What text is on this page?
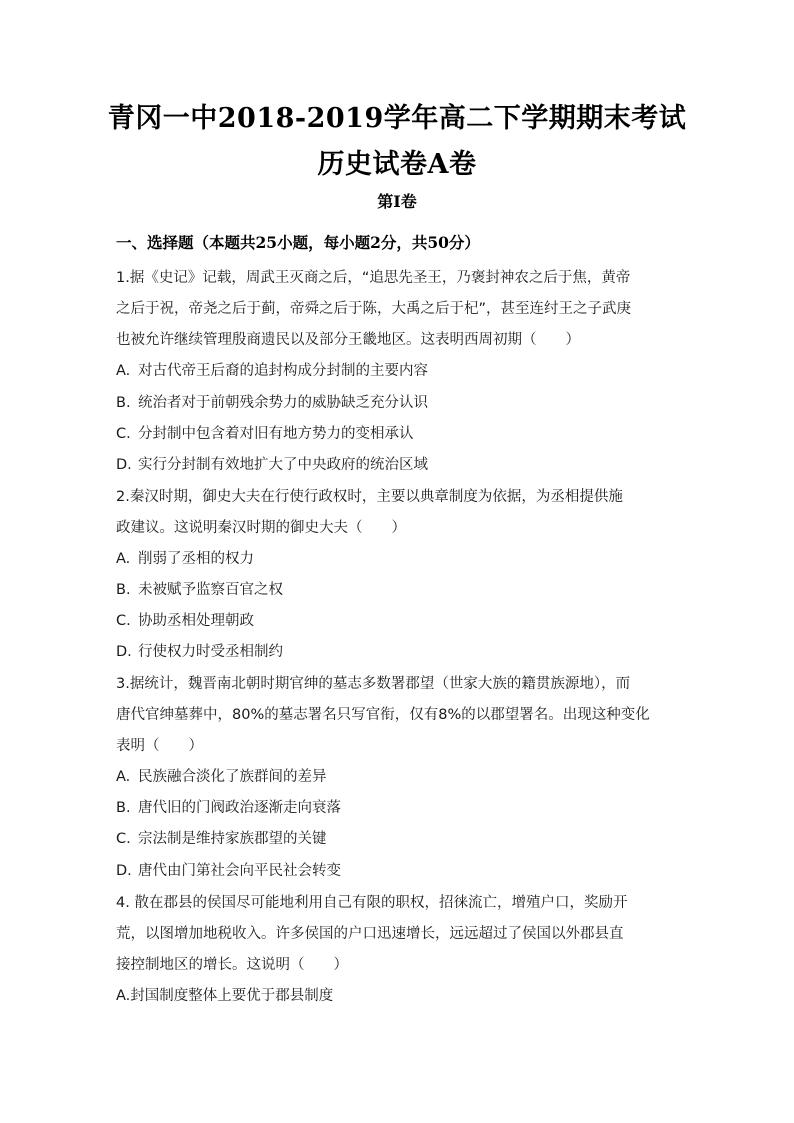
青冈一中2018-2019学年高二下学期期末考试
历史试卷A卷
第Ⅰ卷
一、选择题（本题共25小题，每小题2分，共50分）
1.据《史记》记载，周武王灭商之后，“追思先圣王，乃褒封神农之后于焦，黄帝
之后于祝，帝尧之后于蓟，帝舜之后于陈，大禹之后于杞”，甚至连纣王之子武庚
也被允许继续管理殷商遗民以及部分王畿地区。这表明西周初期（　　）
A. 对古代帝王后裔的追封构成分封制的主要内容
B. 统治者对于前朝残余势力的威胁缺乏充分认识
C. 分封制中包含着对旧有地方势力的变相承认
D. 实行分封制有效地扩大了中央政府的统治区域
2.秦汉时期，御史大夫在行使行政权时，主要以典章制度为依据，为丞相提供施
政建议。这说明秦汉时期的御史大夫（　　）
A. 削弱了丞相的权力
B. 未被赋予监察百官之权
C. 协助丞相处理朝政
D. 行使权力时受丞相制约
3.据统计，魏晋南北朝时期官绅的墓志多数署郡望（世家大族的籍贯族源地），而
唐代官绅墓葬中，80%的墓志署名只写官衔，仅有8%的以郡望署名。出现这种变化
表明（　　）
A. 民族融合淡化了族群间的差异
B. 唐代旧的门阀政治逐渐走向衰落
C. 宗法制是维持家族郡望的关键
D. 唐代由门第社会向平民社会转变
4. 散在郡县的侯国尽可能地利用自己有限的职权，招徕流亡，增殖户口，奖励开
荒，以图增加地税收入。许多侯国的户口迅速增长，远远超过了侯国以外郡县直
接控制地区的增长。这说明（　　）
A.封国制度整体上要优于郡县制度
